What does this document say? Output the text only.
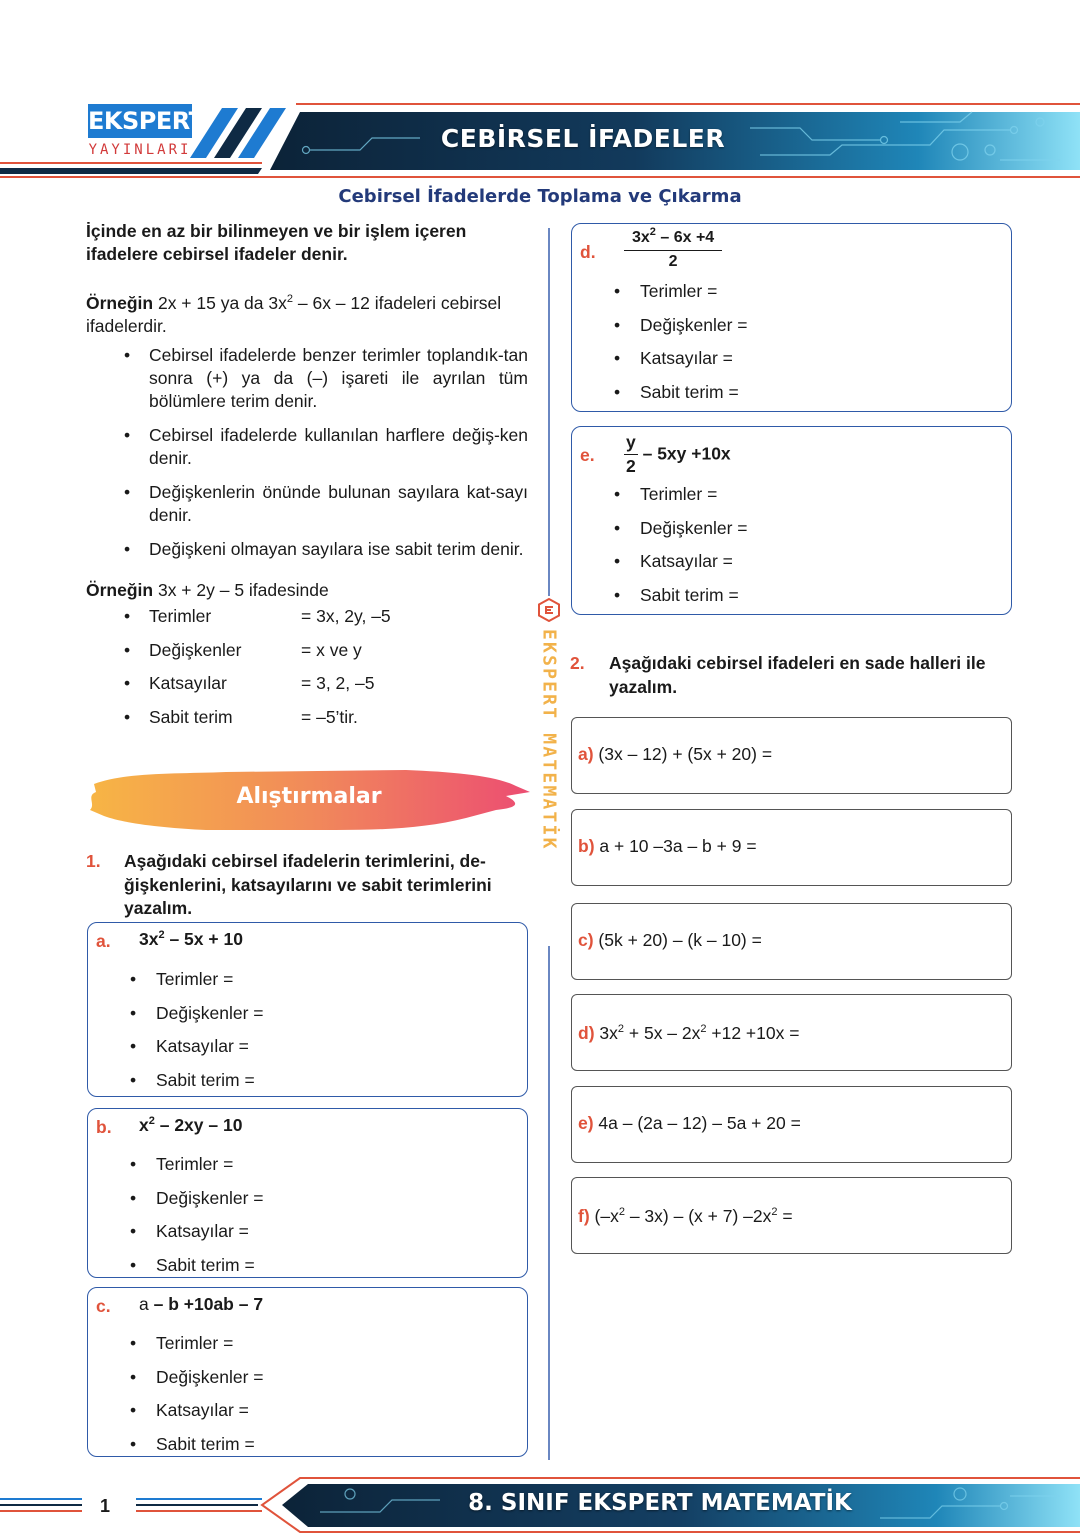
EKSPERT
YAYINLARI	CEBİRSEL İFADELER
Cebirsel İfadelerde Toplama ve Çıkarma

İçinde en az bir bilinmeyen ve bir işlem içeren ifadelere cebirsel ifadeler denir.

Örneğin 2x + 15 ya da $3x^2 - 6x - 12$ ifadeleri cebirsel ifadelerdir.

• Cebirsel ifadelerde benzer terimler toplandık-tan sonra (+) ya da (–) işareti ile ayrılan tüm bölümlere terim denir.
• Cebirsel ifadelerde kullanılan harflere değiş-ken denir.
• Değişkenlerin önünde bulunan sayılara kat-sayı denir.
• Değişkeni olmayan sayılara ise sabit terim denir.

Örneğin 3x + 2y – 5 ifadesinde

• Terimler	= 3x, 2y, –5
• Değişkenler	= x ve y
• Katsayılar	= 3, 2, –5
• Sabit terim	= –5’tir.
Alıştırmalar
1. Aşağıdaki cebirsel ifadelerin terimlerini, de-ğişkenlerini, katsayılarını ve sabit terimlerini yazalım.
a. $3x^2 - 5x + 10$
• Terimler =
• Değişkenler =
• Katsayılar =
• Sabit terim =
b. $x^2 - 2xy - 10$
• Terimler =
• Değişkenler =
• Katsayılar =
• Sabit terim =
c. a – b +10ab – 7
• Terimler =
• Değişkenler =
• Katsayılar =
• Sabit terim =
EKSPERT MATEMATİK
d. $\frac{3x^2 - 6x +4}{2}$
• Terimler =
• Değişkenler =
• Katsayılar =
• Sabit terim =
e. $\frac{y}{2} - 5xy +10x$
• Terimler =
• Değişkenler =
• Katsayılar =
• Sabit terim =
2. Aşağıdaki cebirsel ifadeleri en sade halleri ile yazalım.
a) (3x – 12) + (5x + 20) =
b) a + 10 –3a – b + 9 =
c) (5k + 20) – (k – 10) =
d) $3x^2 + 5x - 2x^2 +12 +10x$ =
e) 4a – (2a – 12) – 5a + 20 =
f) $(-x^2 - 3x) - (x + 7) -2x^2$ =
1	8. SINIF EKSPERT MATEMATİK
